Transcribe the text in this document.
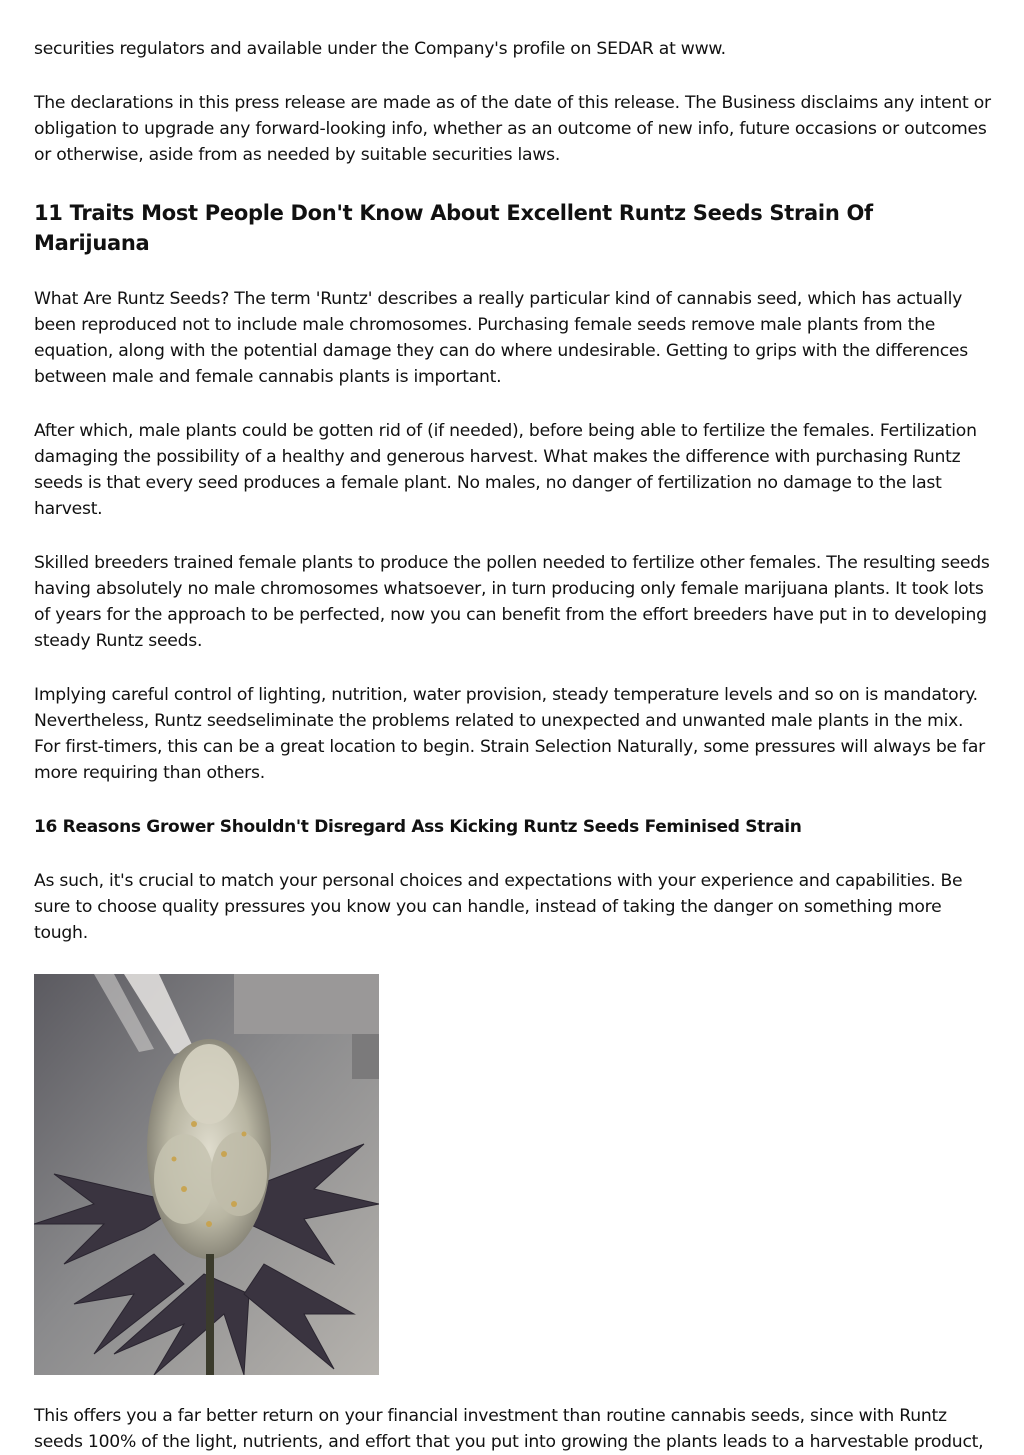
securities regulators and available under the Company's profile on SEDAR at www.

The declarations in this press release are made as of the date of this release. The Business disclaims any intent or obligation to upgrade any forward-looking info, whether as an outcome of new info, future occasions or outcomes or otherwise, aside from as needed by suitable securities laws.

11 Traits Most People Don't Know About Excellent Runtz Seeds Strain Of Marijuana

What Are Runtz Seeds? The term 'Runtz' describes a really particular kind of cannabis seed, which has actually been reproduced not to include male chromosomes. Purchasing female seeds remove male plants from the equation, along with the potential damage they can do where undesirable. Getting to grips with the differences between male and female cannabis plants is important.

After which, male plants could be gotten rid of (if needed), before being able to fertilize the females. Fertilization damaging the possibility of a healthy and generous harvest. What makes the difference with purchasing Runtz seeds is that every seed produces a female plant. No males, no danger of fertilization no damage to the last harvest.

Skilled breeders trained female plants to produce the pollen needed to fertilize other females. The resulting seeds having absolutely no male chromosomes whatsoever, in turn producing only female marijuana plants. It took lots of years for the approach to be perfected, now you can benefit from the effort breeders have put in to developing steady Runtz seeds.

Implying careful control of lighting, nutrition, water provision, steady temperature levels and so on is mandatory. Nevertheless, Runtz seedseliminate the problems related to unexpected and unwanted male plants in the mix. For first-timers, this can be a great location to begin. Strain Selection Naturally, some pressures will always be far more requiring than others.

16 Reasons Grower Shouldn't Disregard Ass Kicking Runtz Seeds Feminised Strain

As such, it's crucial to match your personal choices and expectations with your experience and capabilities. Be sure to choose quality pressures you know you can handle, instead of taking the danger on something more tough.

This offers you a far better return on your financial investment than routine cannabis seeds, since with Runtz seeds 100% of the light, nutrients, and effort that you put into growing the plants leads to a harvestable product,
